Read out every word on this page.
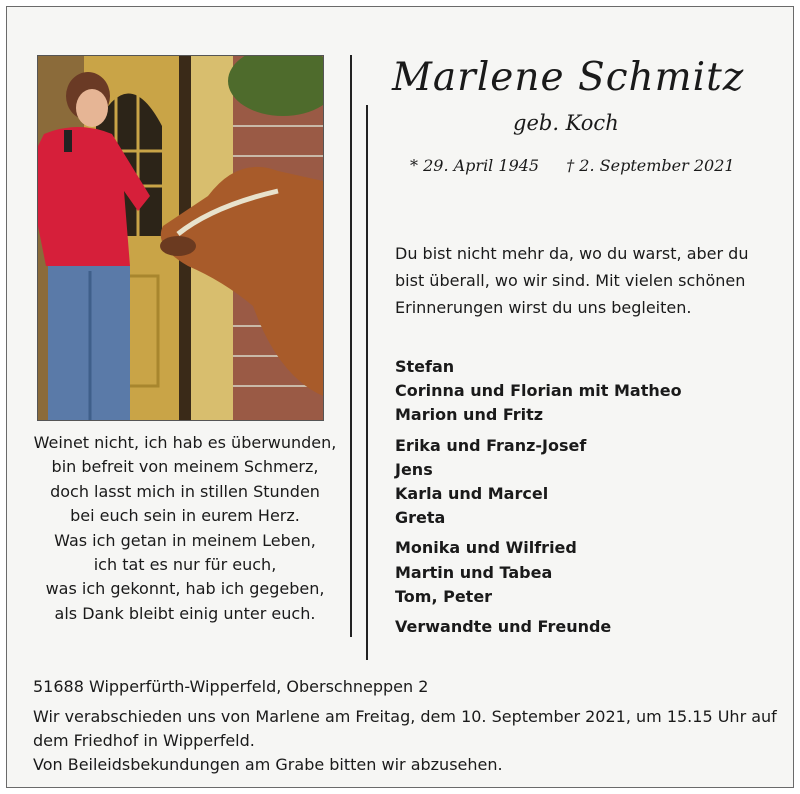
Weinet nicht, ich hab es überwunden,
bin befreit von meinem Schmerz,
doch lasst mich in stillen Stunden
bei euch sein in eurem Herz.
Was ich getan in meinem Leben,
ich tat es nur für euch,
was ich gekonnt, hab ich gegeben,
als Dank bleibt einig unter euch.
Marlene Schmitz
geb. Koch
* 29. April 1945 † 2. September 2021
Du bist nicht mehr da, wo du warst, aber du
bist überall, wo wir sind. Mit vielen schönen
Erinnerungen wirst du uns begleiten.
Stefan
Corinna und Florian mit Matheo
Marion und Fritz
Erika und Franz-Josef
Jens
Karla und Marcel
Greta
Monika und Wilfried
Martin und Tabea
Tom, Peter
Verwandte und Freunde
51688 Wipperfürth-Wipperfeld, Oberschneppen 2
Wir verabschieden uns von Marlene am Freitag, dem 10. September 2021, um 15.15 Uhr auf
dem Friedhof in Wipperfeld.
Von Beileidsbekundungen am Grabe bitten wir abzusehen.
